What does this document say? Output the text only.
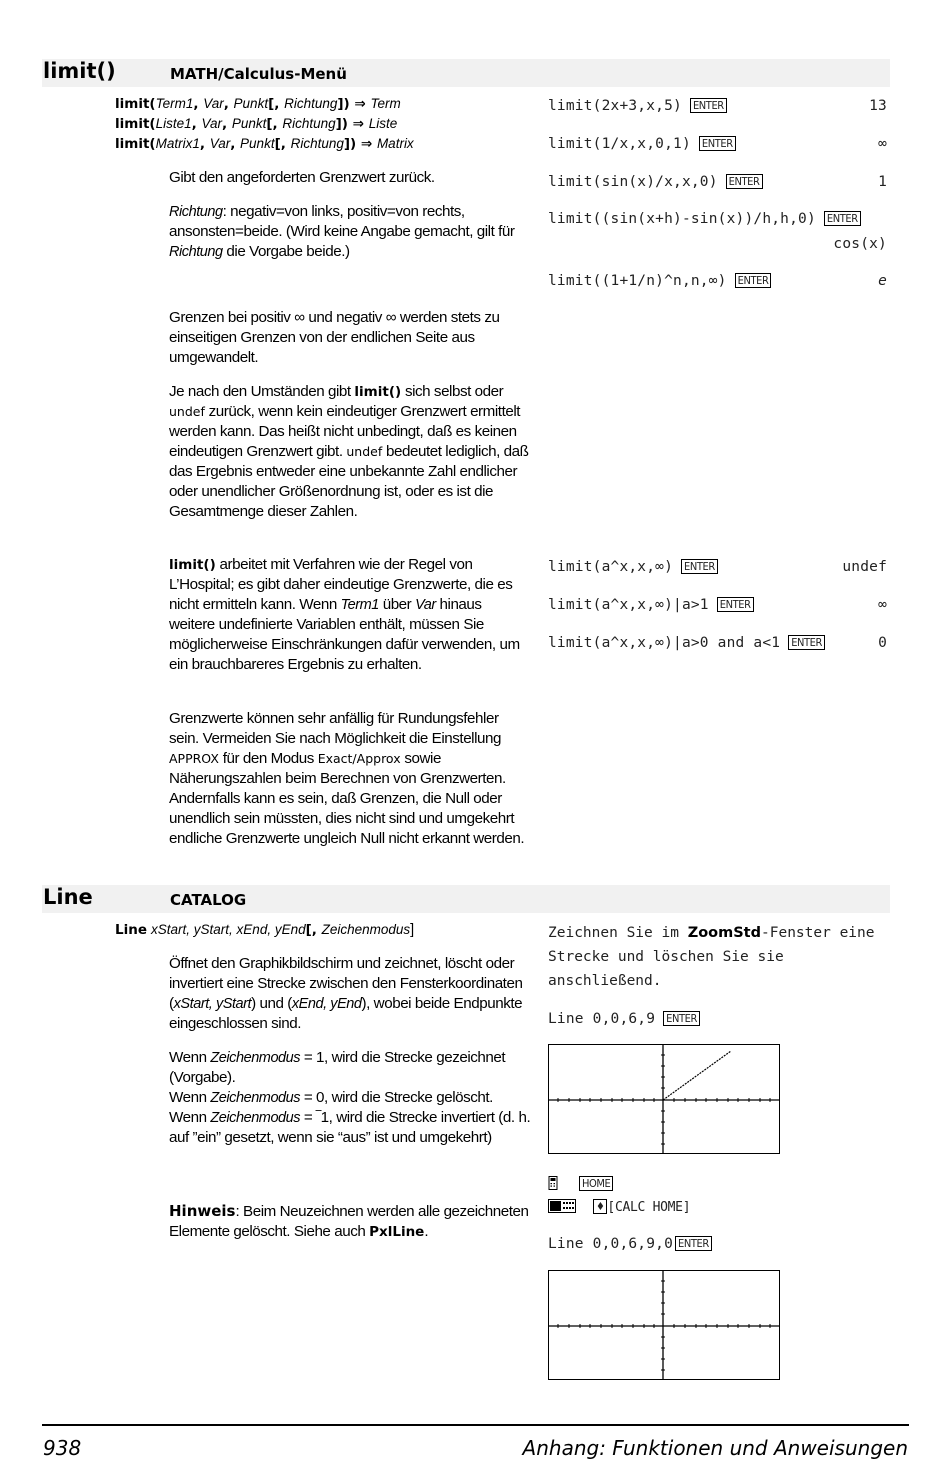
limit()	MATH/Calculus-Menü
limit(Term1, Var, Punkt[, Richtung]) ⇒ Term
limit(Liste1, Var, Punkt[, Richtung]) ⇒ Liste
limit(Matrix1, Var, Punkt[, Richtung]) ⇒ Matrix

Gibt den angeforderten Grenzwert zurück.

Richtung: negativ=von links, positiv=von rechts, ansonsten=beide. (Wird keine Angabe gemacht, gilt für Richtung die Vorgabe beide.)

Grenzen bei positiv ∞ und negativ ∞ werden stets zu einseitigen Grenzen von der endlichen Seite aus umgewandelt.

Je nach den Umständen gibt limit() sich selbst oder undef zurück, wenn kein eindeutiger Grenzwert ermittelt werden kann. Das heißt nicht unbedingt, daß es keinen eindeutigen Grenzwert gibt. undef bedeutet lediglich, daß das Ergebnis entweder eine unbekannte Zahl endlicher oder unendlicher Größenordnung ist, oder es ist die Gesamtmenge dieser Zahlen.

limit() arbeitet mit Verfahren wie der Regel von L’Hospital; es gibt daher eindeutige Grenzwerte, die es nicht ermitteln kann. Wenn Term1 über Var hinaus weitere undefinierte Variablen enthält, müssen Sie möglicherweise Einschränkungen dafür verwenden, um ein brauchbareres Ergebnis zu erhalten.

Grenzwerte können sehr anfällig für Rundungsfehler sein. Vermeiden Sie nach Möglichkeit die Einstellung APPROX für den Modus Exact/Approx sowie Näherungszahlen beim Berechnen von Grenzwerten. Andernfalls kann es sein, daß Grenzen, die Null oder unendlich sein müssten, dies nicht sind und umgekehrt endliche Grenzwerte ungleich Null nicht erkannt werden.

limit(2x+3,x,5) ENTER	13
limit(1/x,x,0,1) ENTER	∞
limit(sin(x)/x,x,0) ENTER	1
limit((sin(x+h)-sin(x))/h,h,0) ENTER
cos(x)
limit((1+1/n)^n,n,∞) ENTER	e
limit(a^x,x,∞) ENTER	undef
limit(a^x,x,∞)|a>1 ENTER	∞
limit(a^x,x,∞)|a>0 and a<1 ENTER	0
Line	CATALOG
Line xStart, yStart, xEnd, yEnd[, Zeichenmodus]

Öffnet den Graphikbildschirm und zeichnet, löscht oder invertiert eine Strecke zwischen den Fensterkoordinaten (xStart, yStart) und (xEnd, yEnd), wobei beide Endpunkte eingeschlossen sind.

Wenn Zeichenmodus = 1, wird die Strecke gezeichnet (Vorgabe).
Wenn Zeichenmodus = 0, wird die Strecke gelöscht.
Wenn Zeichenmodus = ‾1, wird die Strecke invertiert (d. h. auf ”ein” gesetzt, wenn sie “aus” ist und umgekehrt)

Hinweis: Beim Neuzeichnen werden alle gezeichneten Elemente gelöscht. Siehe auch PxlLine.

Zeichnen Sie im ZoomStd-Fenster eine Strecke und löschen Sie sie anschließend.
Line 0,0,6,9 ENTER
HOME
♦ [CALC HOME]
Line 0,0,6,9,0 ENTER
938	Anhang: Funktionen und Anweisungen
